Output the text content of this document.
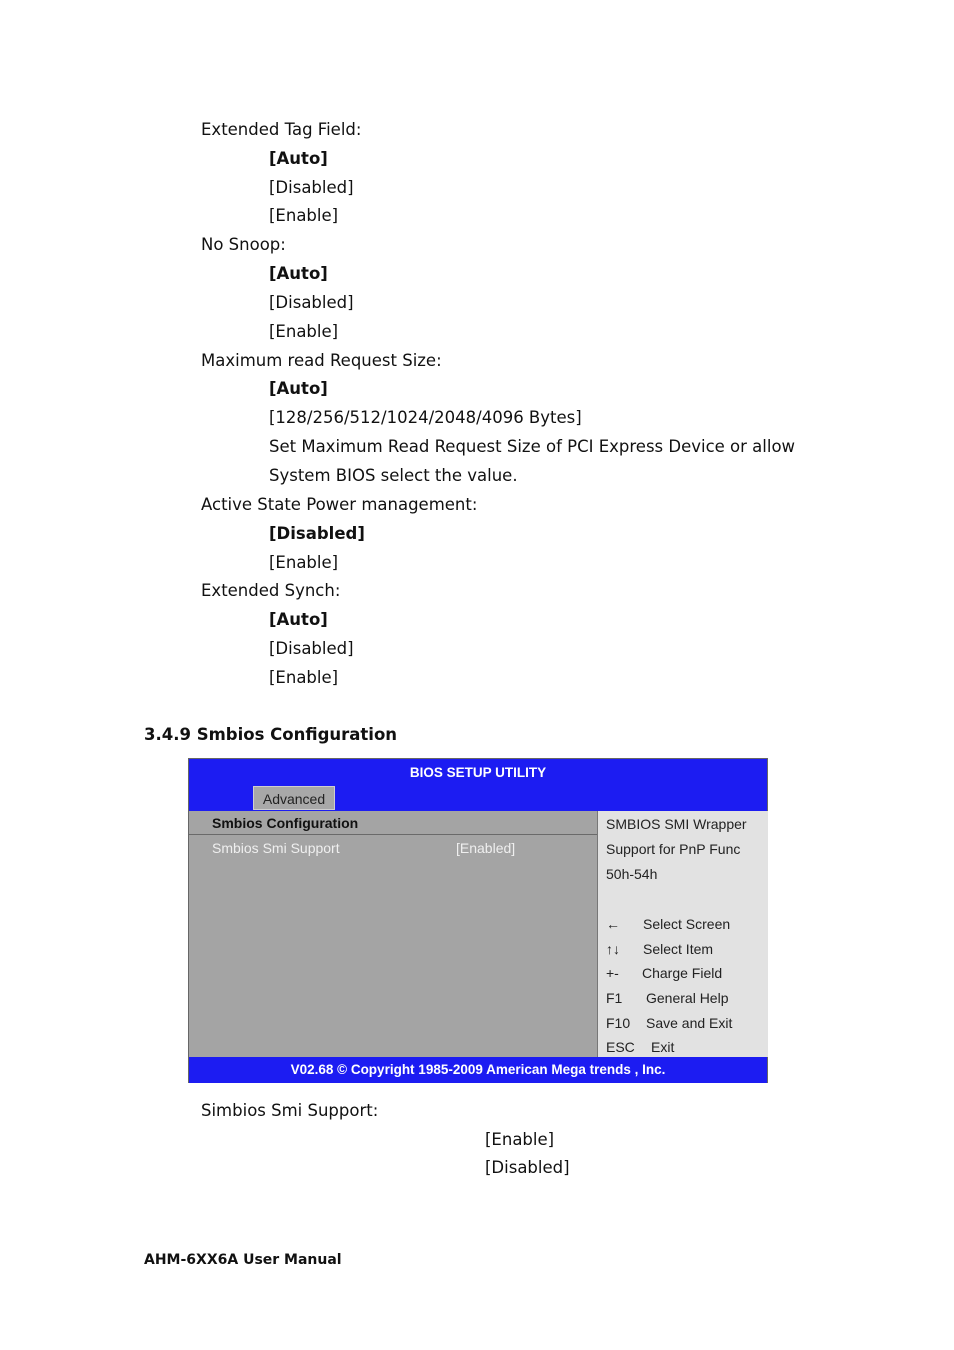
Extended Tag Field:
[Auto]
[Disabled]
[Enable]
No Snoop:
[Auto]
[Disabled]
[Enable]
Maximum read Request Size:
[Auto]
[128/256/512/1024/2048/4096 Bytes]
Set Maximum Read Request Size of PCI Express Device or allow
System BIOS select the value.
Active State Power management:
[Disabled]
[Enable]
Extended Synch:
[Auto]
[Disabled]
[Enable]
3.4.9 Smbios Configuration
BIOS SETUP UTILITY
Advanced
Smbios Configuration
Smbios Smi Support	[Enabled]
SMBIOS SMI Wrapper
Support for PnP Func
50h-54h
← Select Screen
↑↓ Select Item
+- Charge Field
F1 General Help
F10 Save and Exit
ESC Exit
V02.68 © Copyright 1985-2009 American Mega trends , Inc.
Simbios Smi Support:
[Enable]
[Disabled]
AHM-6XX6A User Manual
